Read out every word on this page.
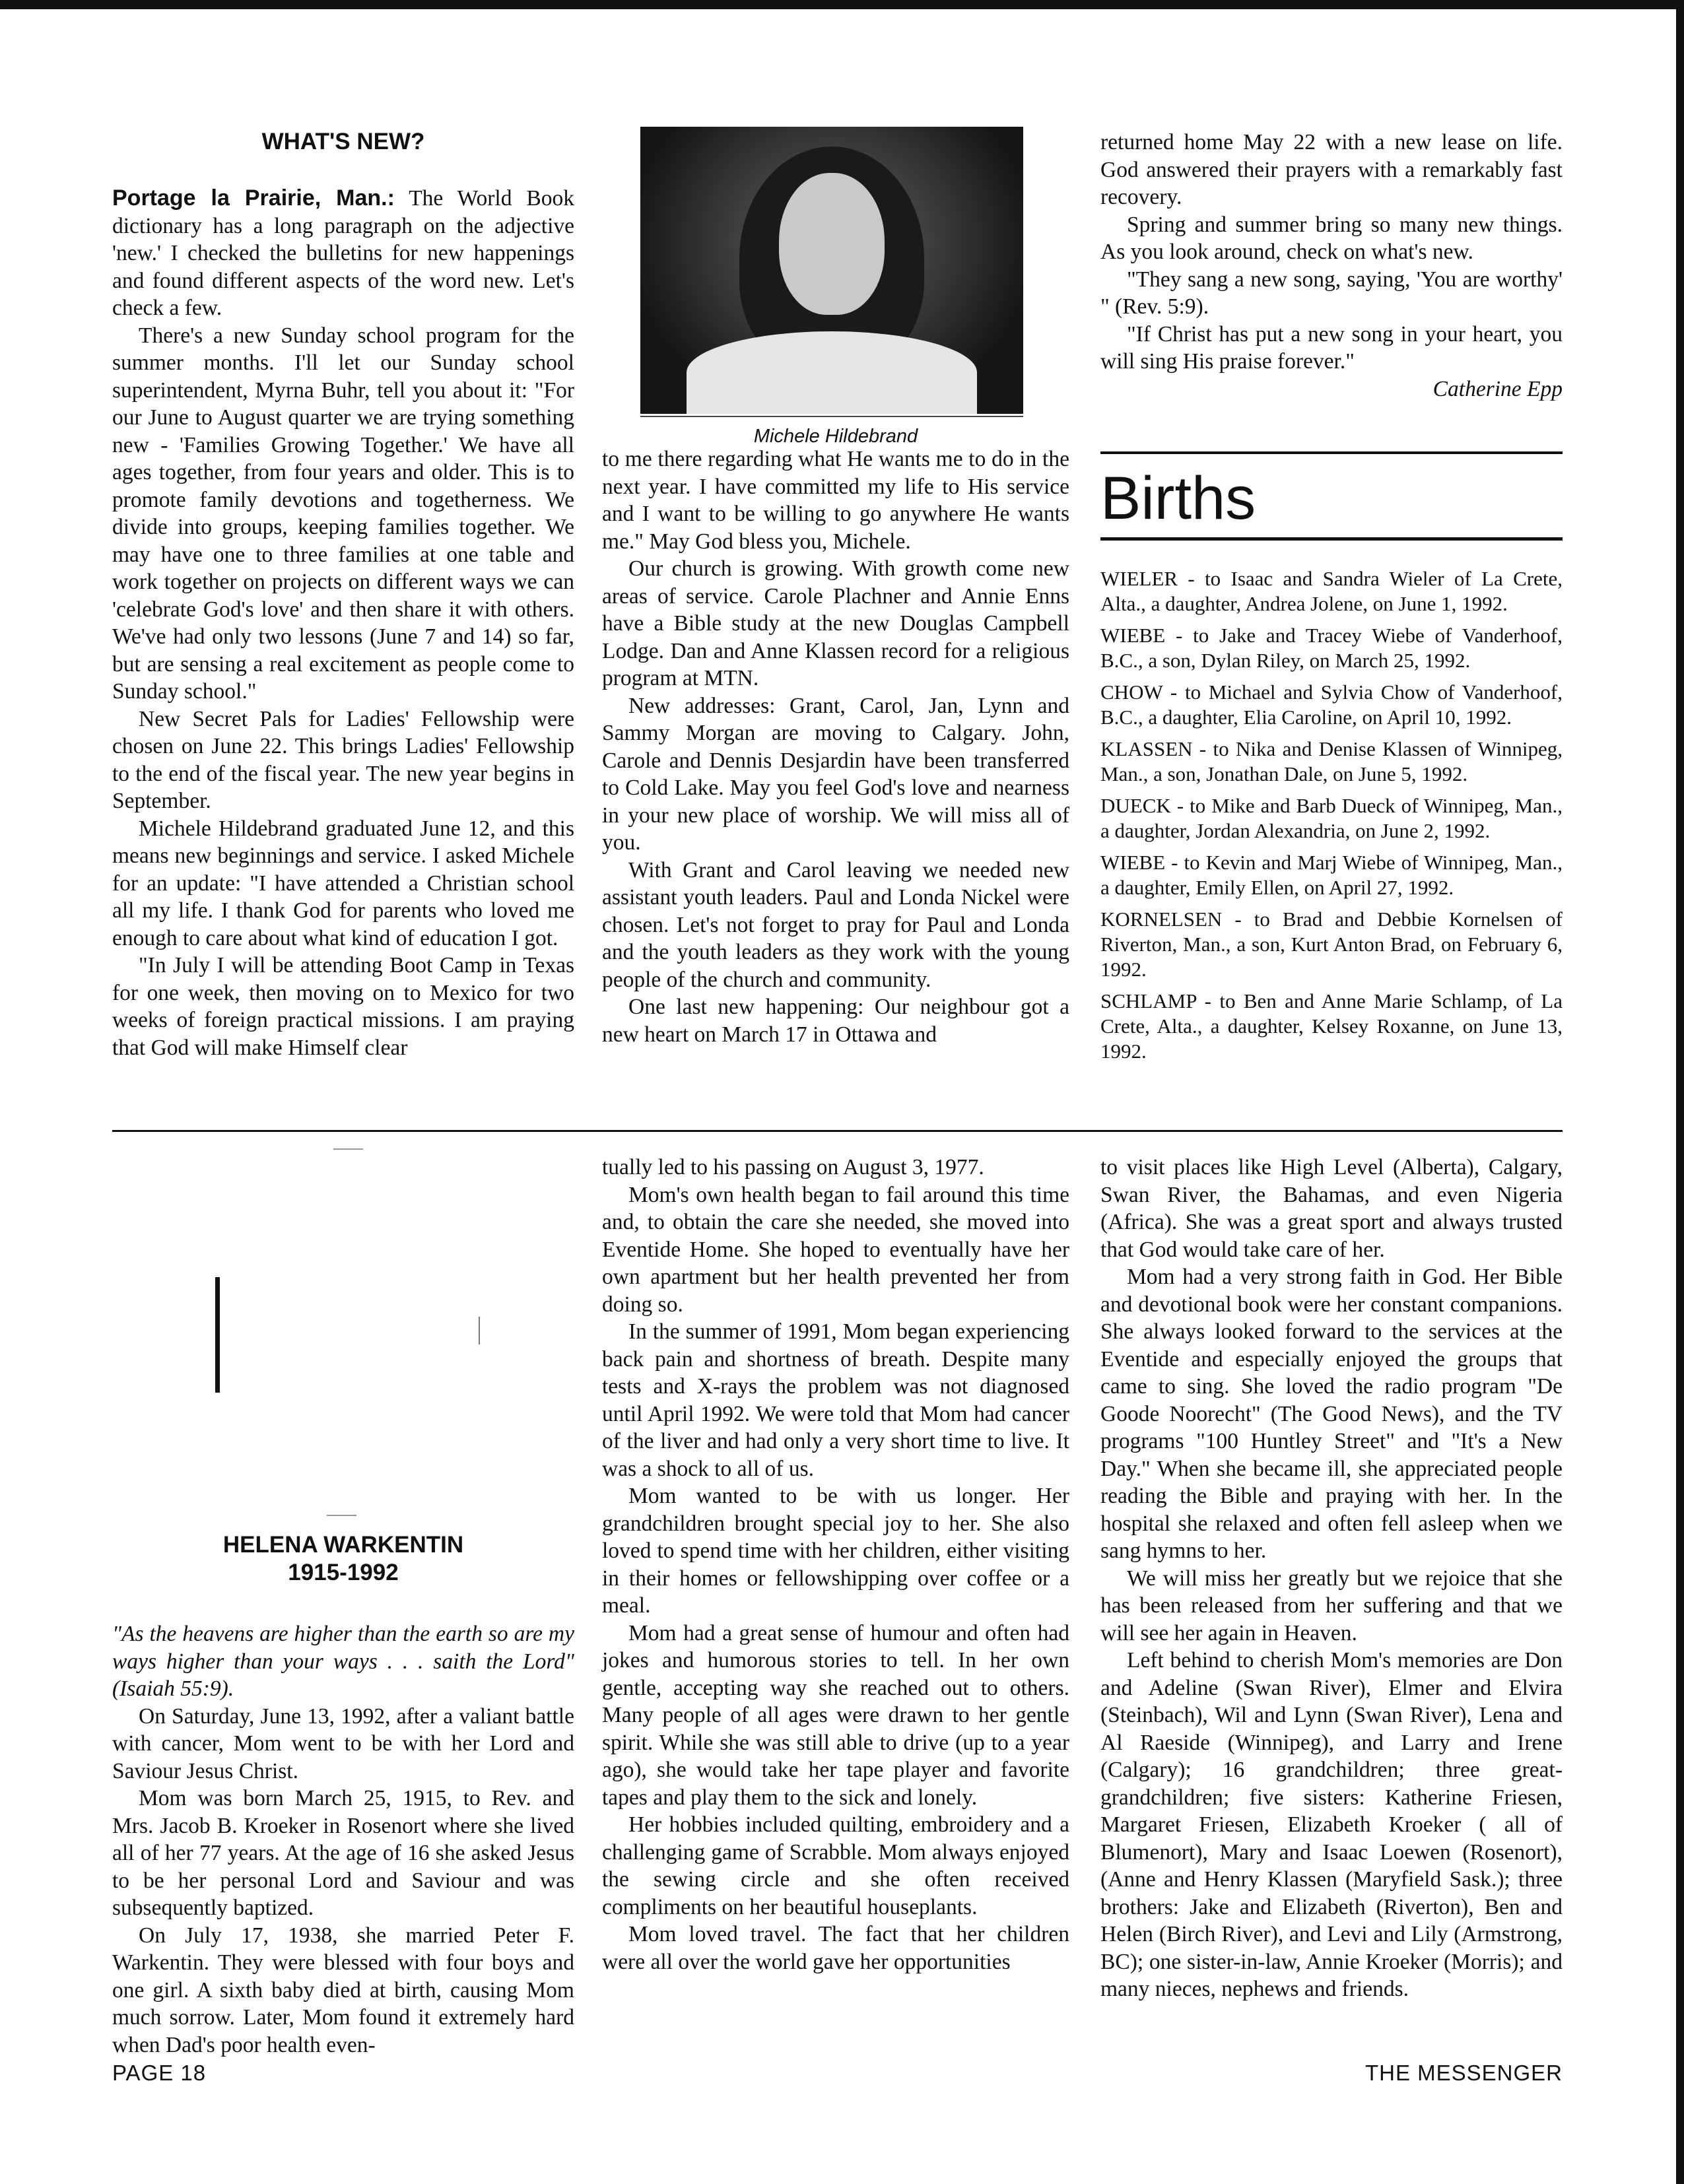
WHAT'S NEW?

Portage la Prairie, Man.: The World Book dictionary has a long paragraph on the adjective 'new.' I checked the bulletins for new happenings and found different aspects of the word new. Let's check a few.

There's a new Sunday school program for the summer months. I'll let our Sunday school superintendent, Myrna Buhr, tell you about it: "For our June to August quarter we are trying something new - 'Families Growing Together.' We have all ages together, from four years and older. This is to promote family devotions and togetherness. We divide into groups, keeping families together. We may have one to three families at one table and work together on projects on different ways we can 'celebrate God's love' and then share it with others. We've had only two lessons (June 7 and 14) so far, but are sensing a real excitement as people come to Sunday school."

New Secret Pals for Ladies' Fellowship were chosen on June 22. This brings Ladies' Fellowship to the end of the fiscal year. The new year begins in September.

Michele Hildebrand graduated June 12, and this means new beginnings and service. I asked Michele for an update: "I have attended a Christian school all my life. I thank God for parents who loved me enough to care about what kind of education I got.

"In July I will be attending Boot Camp in Texas for one week, then moving on to Mexico for two weeks of foreign practical missions. I am praying that God will make Himself clear

Michele Hildebrand

to me there regarding what He wants me to do in the next year. I have committed my life to His service and I want to be willing to go anywhere He wants me." May God bless you, Michele.

Our church is growing. With growth come new areas of service. Carole Plachner and Annie Enns have a Bible study at the new Douglas Campbell Lodge. Dan and Anne Klassen record for a religious program at MTN.

New addresses: Grant, Carol, Jan, Lynn and Sammy Morgan are moving to Calgary. John, Carole and Dennis Desjardin have been transferred to Cold Lake. May you feel God's love and nearness in your new place of worship. We will miss all of you.

With Grant and Carol leaving we needed new assistant youth leaders. Paul and Londa Nickel were chosen. Let's not forget to pray for Paul and Londa and the youth leaders as they work with the young people of the church and community.

One last new happening: Our neighbour got a new heart on March 17 in Ottawa and

returned home May 22 with a new lease on life. God answered their prayers with a remarkably fast recovery.

Spring and summer bring so many new things. As you look around, check on what's new.

"They sang a new song, saying, 'You are worthy' " (Rev. 5:9).

"If Christ has put a new song in your heart, you will sing His praise forever."

Catherine Epp

Births

WIELER - to Isaac and Sandra Wieler of La Crete, Alta., a daughter, Andrea Jolene, on June 1, 1992.

WIEBE - to Jake and Tracey Wiebe of Vanderhoof, B.C., a son, Dylan Riley, on March 25, 1992.

CHOW - to Michael and Sylvia Chow of Vanderhoof, B.C., a daughter, Elia Caroline, on April 10, 1992.

KLASSEN - to Nika and Denise Klassen of Winnipeg, Man., a son, Jonathan Dale, on June 5, 1992.

DUECK - to Mike and Barb Dueck of Winnipeg, Man., a daughter, Jordan Alexandria, on June 2, 1992.

WIEBE - to Kevin and Marj Wiebe of Winnipeg, Man., a daughter, Emily Ellen, on April 27, 1992.

KORNELSEN - to Brad and Debbie Kornelsen of Riverton, Man., a son, Kurt Anton Brad, on February 6, 1992.

SCHLAMP - to Ben and Anne Marie Schlamp, of La Crete, Alta., a daughter, Kelsey Roxanne, on June 13, 1992.

HELENA WARKENTIN
1915-1992

"As the heavens are higher than the earth so are my ways higher than your ways . . . saith the Lord" (Isaiah 55:9).

On Saturday, June 13, 1992, after a valiant battle with cancer, Mom went to be with her Lord and Saviour Jesus Christ.

Mom was born March 25, 1915, to Rev. and Mrs. Jacob B. Kroeker in Rosenort where she lived all of her 77 years. At the age of 16 she asked Jesus to be her personal Lord and Saviour and was subsequently baptized.

On July 17, 1938, she married Peter F. Warkentin. They were blessed with four boys and one girl. A sixth baby died at birth, causing Mom much sorrow. Later, Mom found it extremely hard when Dad's poor health even-

tually led to his passing on August 3, 1977.

Mom's own health began to fail around this time and, to obtain the care she needed, she moved into Eventide Home. She hoped to eventually have her own apartment but her health prevented her from doing so.

In the summer of 1991, Mom began experiencing back pain and shortness of breath. Despite many tests and X-rays the problem was not diagnosed until April 1992. We were told that Mom had cancer of the liver and had only a very short time to live. It was a shock to all of us.

Mom wanted to be with us longer. Her grandchildren brought special joy to her. She also loved to spend time with her children, either visiting in their homes or fellowshipping over coffee or a meal.

Mom had a great sense of humour and often had jokes and humorous stories to tell. In her own gentle, accepting way she reached out to others. Many people of all ages were drawn to her gentle spirit. While she was still able to drive (up to a year ago), she would take her tape player and favorite tapes and play them to the sick and lonely.

Her hobbies included quilting, embroidery and a challenging game of Scrabble. Mom always enjoyed the sewing circle and she often received compliments on her beautiful houseplants.

Mom loved travel. The fact that her children were all over the world gave her opportunities

to visit places like High Level (Alberta), Calgary, Swan River, the Bahamas, and even Nigeria (Africa). She was a great sport and always trusted that God would take care of her.

Mom had a very strong faith in God. Her Bible and devotional book were her constant companions. She always looked forward to the services at the Eventide and especially enjoyed the groups that came to sing. She loved the radio program "De Goode Noorecht" (The Good News), and the TV programs "100 Huntley Street" and "It's a New Day." When she became ill, she appreciated people reading the Bible and praying with her. In the hospital she relaxed and often fell asleep when we sang hymns to her.

We will miss her greatly but we rejoice that she has been released from her suffering and that we will see her again in Heaven.

Left behind to cherish Mom's memories are Don and Adeline (Swan River), Elmer and Elvira (Steinbach), Wil and Lynn (Swan River), Lena and Al Raeside (Winnipeg), and Larry and Irene (Calgary); 16 grandchildren; three great-grandchildren; five sisters: Katherine Friesen, Margaret Friesen, Elizabeth Kroeker ( all of Blumenort), Mary and Isaac Loewen (Rosenort), (Anne and Henry Klassen (Maryfield Sask.); three brothers: Jake and Elizabeth (Riverton), Ben and Helen (Birch River), and Levi and Lily (Armstrong, BC); one sister-in-law, Annie Kroeker (Morris); and many nieces, nephews and friends.

PAGE 18	THE MESSENGER
